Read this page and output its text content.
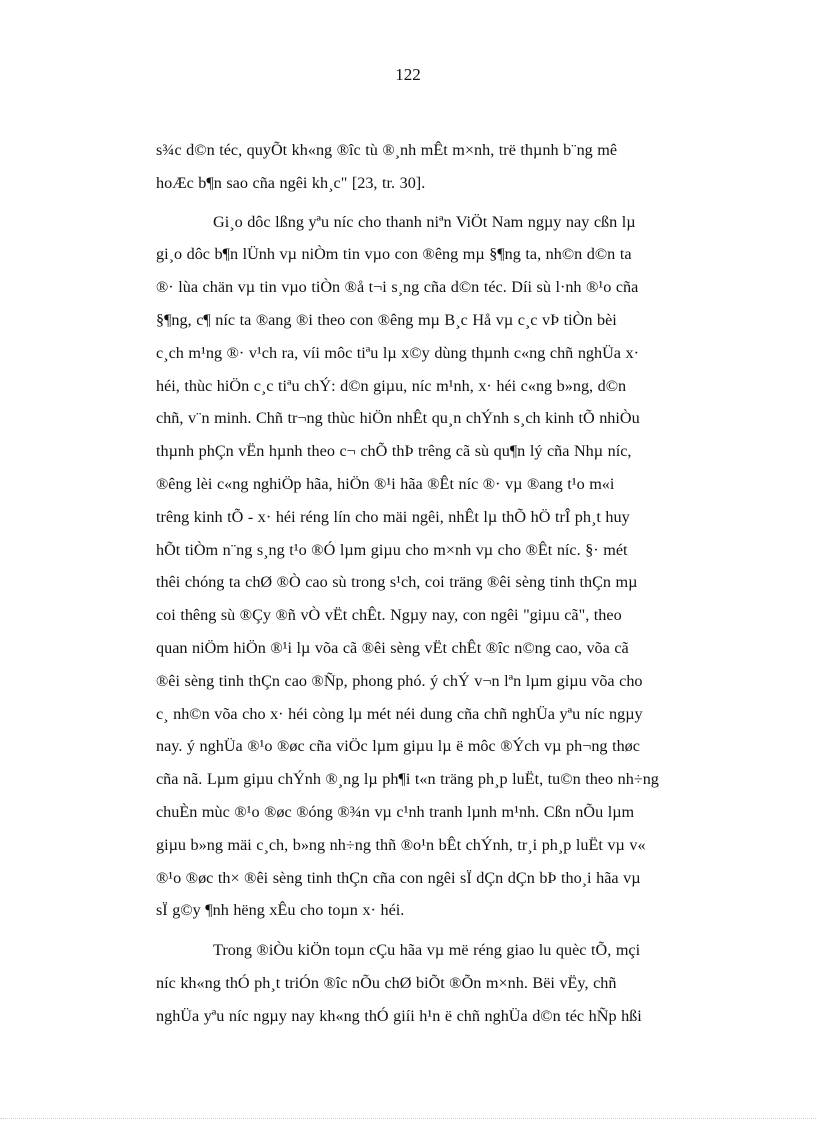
122
s¾c d©n téc, quyÕt kh«ng ®îc tù ®¸nh mÊt m×nh, trë thµnh b¨ng mê
hoÆc b¶n sao cña ngêi kh¸c" [23, tr. 30].
Gi¸o dôc lßng yªu níc cho thanh niªn ViÖt Nam ngµy nay cßn lµ
gi¸o dôc b¶n lÜnh vµ niÒm tin vµo con ®êng mµ §¶ng ta, nh©n d©n ta
®· lùa chän vµ tin vµo tiÒn ®å t¬i s¸ng cña d©n téc. Díi sù l·nh ®¹o cña
§¶ng, c¶ níc ta ®ang ®i theo con ®êng mµ B¸c Hå vµ c¸c vÞ tiÒn bèi
c¸ch m¹ng ®· v¹ch ra, víi môc tiªu lµ x©y dùng thµnh c«ng chñ nghÜa x·
héi, thùc hiÖn c¸c tiªu chÝ: d©n giµu, níc m¹nh, x· héi c«ng b»ng, d©n
chñ, v¨n minh. Chñ tr¬ng thùc hiÖn nhÊt qu¸n chÝnh s¸ch kinh tÕ nhiÒu
thµnh phÇn vËn hµnh theo c¬ chÕ thÞ trêng cã sù qu¶n lý cña Nhµ níc,
®êng lèi c«ng nghiÖp hãa, hiÖn ®¹i hãa ®Êt níc ®· vµ ®ang t¹o m«i
trêng kinh tÕ - x· héi réng lín cho mäi ngêi, nhÊt lµ thÕ hÖ trÎ ph¸t huy
hÕt tiÒm n¨ng s¸ng t¹o ®Ó lµm giµu cho m×nh vµ cho ®Êt níc. §· mét
thêi chóng ta chØ ®Ò cao sù trong s¹ch, coi träng ®êi sèng tinh thÇn mµ
coi thêng sù ®Çy ®ñ vÒ vËt chÊt. Ngµy nay, con ngêi "giµu cã", theo
quan niÖm hiÖn ®¹i lµ võa cã ®êi sèng vËt chÊt ®îc n©ng cao, võa cã
®êi sèng tinh thÇn cao ®Ñp, phong phó. ý chÝ v¬n lªn lµm giµu võa cho
c¸ nh©n võa cho x· héi còng lµ mét néi dung cña chñ nghÜa yªu níc ngµy
nay. ý nghÜa ®¹o ®øc cña viÖc lµm giµu lµ ë môc ®Ých vµ ph¬ng thøc
cña nã. Lµm giµu chÝnh ®¸ng lµ ph¶i t«n träng ph¸p luËt, tu©n theo nh÷ng
chuÈn mùc ®¹o ®øc ®óng ®¾n vµ c¹nh tranh lµnh m¹nh. Cßn nÕu lµm
giµu b»ng mäi c¸ch, b»ng nh÷ng thñ ®o¹n bÊt chÝnh, tr¸i ph¸p luËt vµ v«
®¹o ®øc th× ®êi sèng tinh thÇn cña con ngêi sÏ dÇn dÇn bÞ tho¸i hãa vµ
sÏ g©y ¶nh hëng xÊu cho toµn x· héi.
Trong ®iÒu kiÖn toµn cÇu hãa vµ më réng giao lu quèc tÕ, mçi
níc kh«ng thÓ ph¸t triÓn ®îc nÕu chØ biÕt ®Õn m×nh. Bëi vËy, chñ
nghÜa yªu níc ngµy nay kh«ng thÓ giíi h¹n ë chñ nghÜa d©n téc hÑp hßi
